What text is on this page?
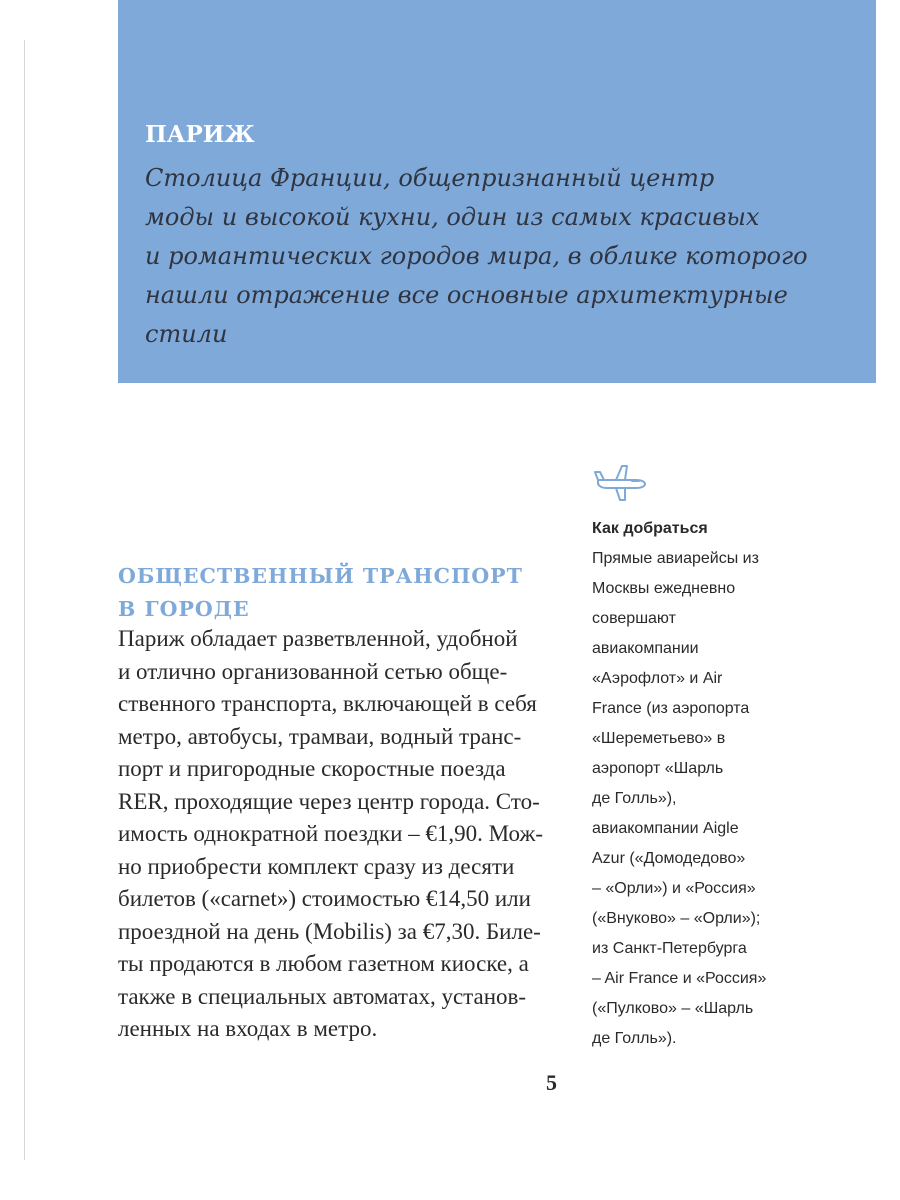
ПАРИЖ
Столица Франции, общепризнанный центр
моды и высокой кухни, один из самых красивых
и романтических городов мира, в облике которого
нашли отражение все основные архитектурные
стили
Как добраться
Прямые авиарейсы из
Москвы ежедневно
совершают
авиакомпании
«Аэрофлот» и Air
France (из аэропорта
«Шереметьево» в
аэропорт «Шарль
де Голль»),
авиакомпании Aigle
Azur («Домодедово»
– «Орли») и «Россия»
(«Внуково» – «Орли»);
из Санкт-Петербурга
– Air France и «Россия»
(«Пулково» – «Шарль
де Голль»).
ОБЩЕСТВЕННЫЙ ТРАНСПОРТ
В ГОРОДЕ
Париж обладает разветвленной, удобной
и отлично организованной сетью обще-
ственного транспорта, включающей в себя
метро, автобусы, трамваи, водный транс-
порт и пригородные скоростные поезда
RER, проходящие через центр города. Сто-
имость однократной поездки – €1,90. Мож-
но приобрести комплект сразу из десяти
билетов («carnet») стоимостью €14,50 или
проездной на день (Mobilis) за €7,30. Биле-
ты продаются в любом газетном киоске, а
также в специальных автоматах, установ-
ленных на входах в метро.
5
